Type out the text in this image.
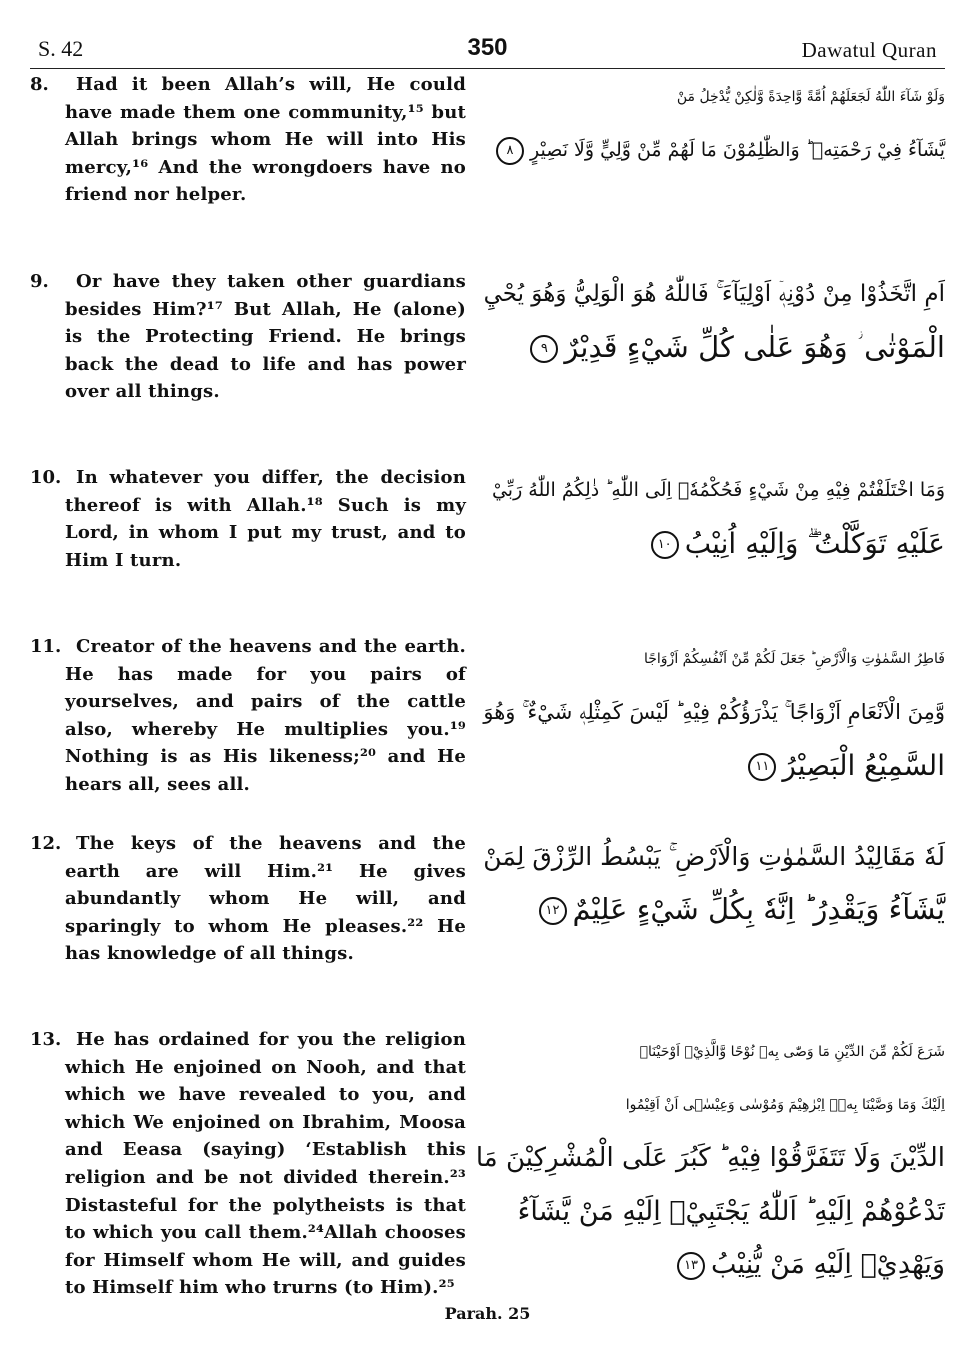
S. 42	350	Dawatul Quran
8.	Had it been Allah’s will, He could have made them one community,¹⁵ but Allah brings whom He will into His mercy,¹⁶ And the wrongdoers have no friend nor helper.
وَلَوْ شَآءَ اللّٰهُ لَجَعَلَهُمْ اُمَّةً وَّاحِدَةً وَّلٰكِنْ يُّدْخِلُ مَنْ
يَّشَآءُ فِيْ رَحْمَتِهٖ ؕ وَالظّٰلِمُوْنَ مَا لَهُمْ مِّنْ وَّلِيٍّ وَّلَا نَصِيْرٍ٨
9.	Or have they taken other guardians besides Him?¹⁷ But Allah, He (alone) is the Protecting Friend. He brings back the dead to life and has power over all things.
اَمِ اتَّخَذُوْا مِنْ دُوْنِهٖۤ اَوْلِيَآءَ ۚ فَاللّٰهُ هُوَ الْوَلِيُّ وَهُوَ يُحْيِ
الْمَوْتٰى ؗ وَهُوَ عَلٰى كُلِّ شَيْءٍ قَدِيْرٌ٩
10. In whatever you differ, the decision thereof is with Allah.¹⁸ Such is my Lord, in whom I put my trust, and to Him I turn.
وَمَا اخْتَلَفْتُمْ فِيْهِ مِنْ شَيْءٍ فَحُكْمُهٗۤ اِلَى اللّٰهِ ؕ ذٰلِكُمُ اللّٰهُ رَبِّيْ
عَلَيْهِ تَوَكَّلْتُ ۖۗ وَاِلَيْهِ اُنِيْبُ١٠
11. Creator of the heavens and the earth. He has made for you pairs of yourselves, and pairs of the cattle also, whereby He multiplies you.¹⁹ Nothing is as His likeness;²⁰ and He hears all, sees all.
فَاطِرُ السَّمٰوٰتِ وَالْاَرْضِ ؕ جَعَلَ لَكُمْ مِّنْ اَنْفُسِكُمْ اَزْوَاجًا
وَّمِنَ الْاَنْعَامِ اَزْوَاجًا ۚ يَذْرَؤُكُمْ فِيْهِ ؕ لَيْسَ كَمِثْلِهٖ شَيْءٌ ۚ وَهُوَ
السَّمِيْعُ الْبَصِيْرُ١١
12. The keys of the heavens and the earth are will Him.²¹ He gives abundantly whom He will, and sparingly to whom He pleases.²² He has knowledge of all things.
لَهٗ مَقَالِيْدُ السَّمٰوٰتِ وَالْاَرْضِ ۚ يَبْسُطُ الرِّزْقَ لِمَنْ
يَّشَآءُ وَيَقْدِرُ ؕ اِنَّهٗ بِكُلِّ شَيْءٍ عَلِيْمٌ١٢
13. He has ordained for you the religion which He enjoined on Nooh, and that which we have revealed to you, and which We enjoined on Ibrahim, Moosa and Eeasa (saying) ‘Establish this religion and be not divided therein.²³ Distasteful for the polytheists is that to which you call them.²⁴Allah chooses for Himself whom He will, and guides to Himself him who trurns (to Him).²⁵
شَرَعَ لَكُمْ مِّنَ الدِّيْنِ مَا وَصّٰى بِهٖ نُوْحًا وَّالَّذِيْۤ اَوْحَيْنَاۤ
اِلَيْكَ وَمَا وَصَّيْنَا بِهٖۤ اِبْرٰهِيْمَ وَمُوْسٰى وَعِيْسٰۤى اَنْ اَقِيْمُوا
الدِّيْنَ وَلَا تَتَفَرَّقُوْا فِيْهِ ؕ كَبُرَ عَلَى الْمُشْرِكِيْنَ مَا
تَدْعُوْهُمْ اِلَيْهِ ؕ اَللّٰهُ يَجْتَبِيْۤ اِلَيْهِ مَنْ يَّشَآءُ
وَيَهْدِيْۤ اِلَيْهِ مَنْ يُّنِيْبُ١٣
Parah. 25
